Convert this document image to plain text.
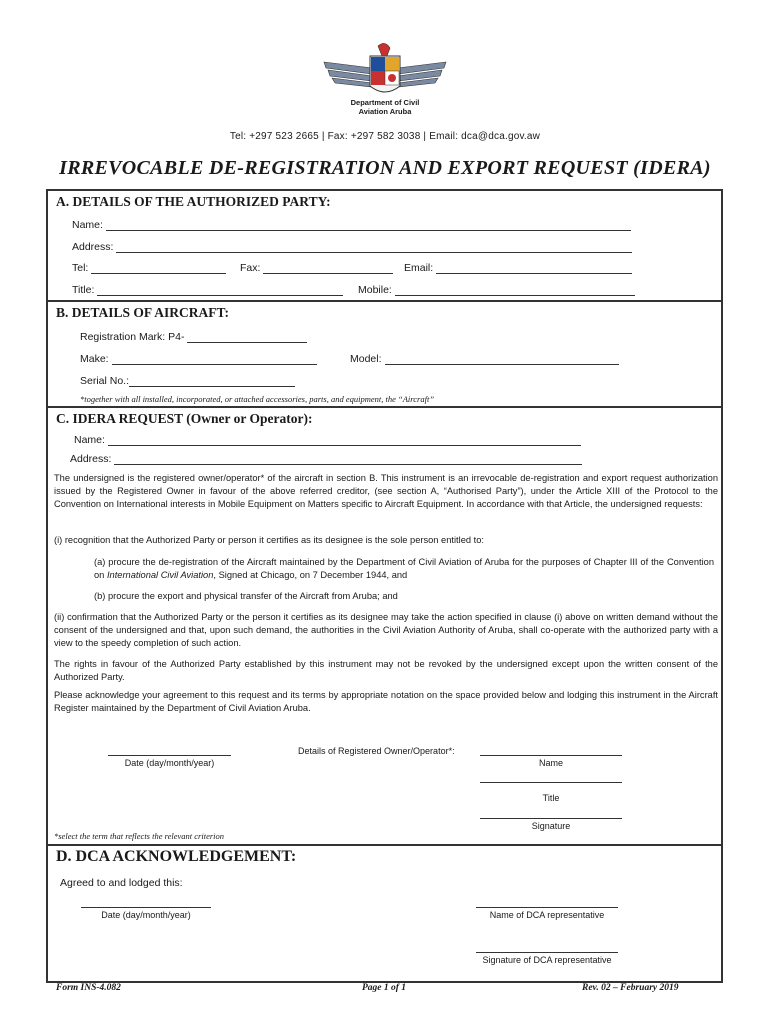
Department of Civil
Aviation Aruba
Tel: +297 523 2665 | Fax: +297 582 3038 | Email: dca@dca.gov.aw
IRREVOCABLE DE-REGISTRATION AND EXPORT REQUEST (IDERA)
A. DETAILS OF THE AUTHORIZED PARTY:
Name:
Address:
Tel:	Fax:	Email:
Title:	Mobile:
B. DETAILS OF AIRCRAFT:
Registration Mark: P4-
Make:	Model:
Serial No.:
*together with all installed, incorporated, or attached accessories, parts, and equipment, the “Aircraft”
C. IDERA REQUEST (Owner or Operator):
Name:
Address:
The undersigned is the registered owner/operator* of the aircraft in section B. This instrument is an irrevocable de-registration and export request authorization issued by the Registered Owner in favour of the above referred creditor, (see section A, “Authorised Party”), under the Article XIII of the Protocol to the Convention on International interests in Mobile Equipment on Matters specific to Aircraft Equipment. In accordance with that Article, the undersigned requests:
(i) recognition that the Authorized Party or person it certifies as its designee is the sole person entitled to:
(a) procure the de-registration of the Aircraft maintained by the Department of Civil Aviation of Aruba for the purposes of Chapter III of the Convention on International Civil Aviation, Signed at Chicago, on 7 December 1944, and
(b) procure the export and physical transfer of the Aircraft from Aruba; and
(ii) confirmation that the Authorized Party or the person it certifies as its designee may take the action specified in clause (i) above on written demand without the consent of the undersigned and that, upon such demand, the authorities in the Civil Aviation Authority of Aruba, shall co-operate with the authorized party with a view to the speedy completion of such action.
The rights in favour of the Authorized Party established by this instrument may not be revoked by the undersigned except upon the written consent of the Authorized Party.
Please acknowledge your agreement to this request and its terms by appropriate notation on the space provided below and lodging this instrument in the Aircraft Register maintained by the Department of Civil Aviation Aruba.
Date (day/month/year)
Details of Registered Owner/Operator*:
Name
Title
Signature
*select the term that reflects the relevant criterion
D. DCA ACKNOWLEDGEMENT:
Agreed to and lodged this:
Date (day/month/year)	Name of DCA representative
Signature of DCA representative
Form INS-4.082	Page 1 of 1	Rev. 02 – February 2019
